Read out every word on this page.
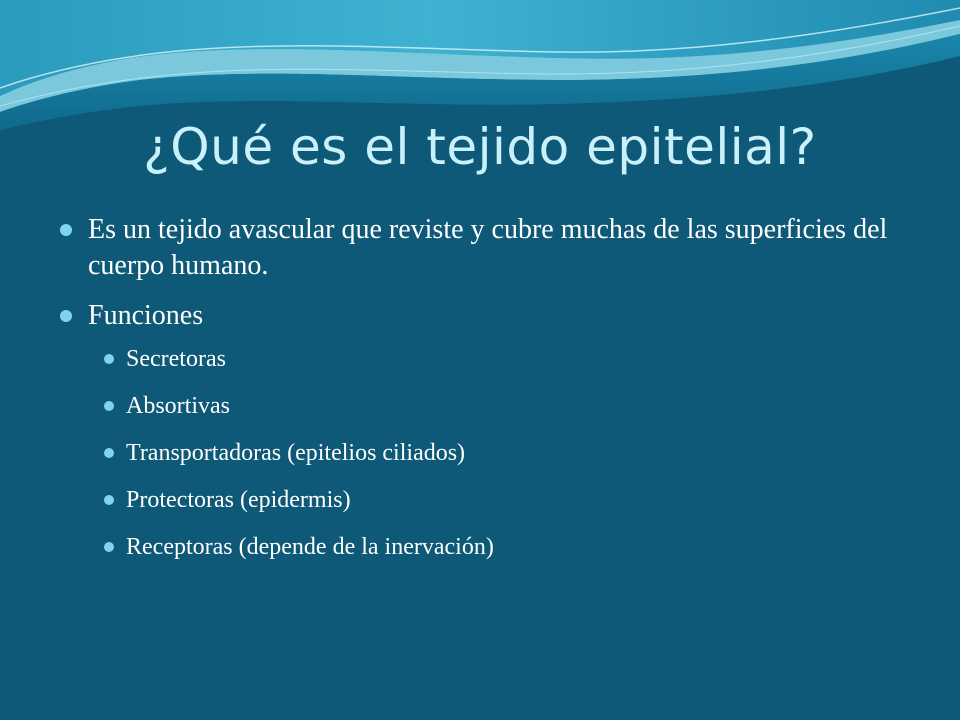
¿Qué es el tejido epitelial?
Es un tejido avascular que reviste y cubre muchas de las superficies del cuerpo humano.
Funciones
Secretoras
Absortivas
Transportadoras (epitelios ciliados)
Protectoras (epidermis)
Receptoras (depende de la inervación)
